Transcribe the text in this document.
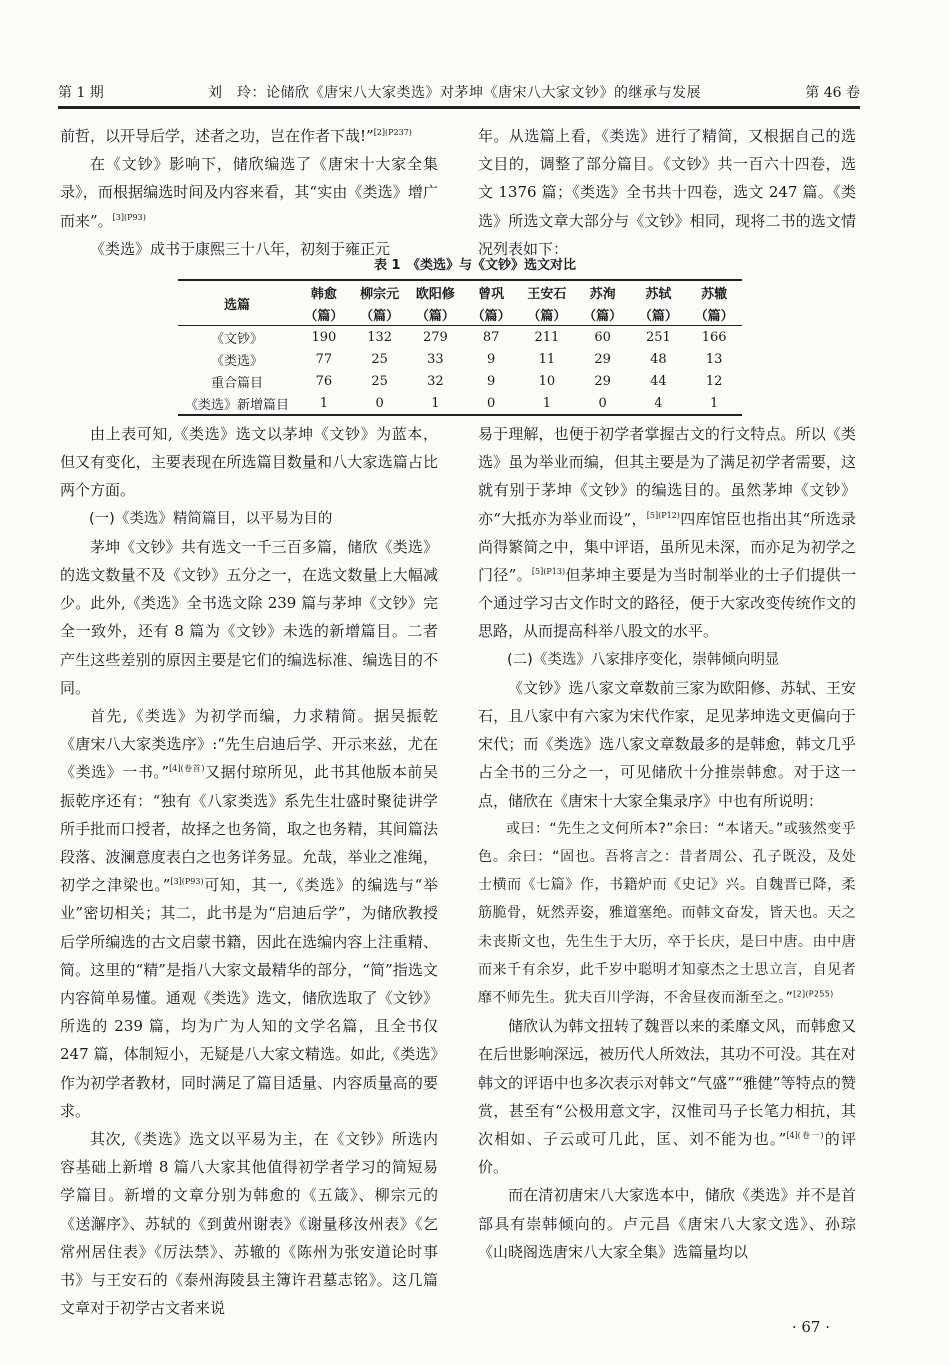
第 1 期	刘　玲：论储欣《唐宋八大家类选》对茅坤《唐宋八大家文钞》的继承与发展	第 46 卷

前哲，以开导后学，述者之功，岂在作者下哉!”$^{[2](P237)}$

在《文钞》影响下，储欣编选了《唐宋十大家全集录》，而根据编选时间及内容来看，其“实由《类选》增广而来”。$^{[3](P93)}$

《类选》成书于康熙三十八年，初刻于雍正元

年。从选篇上看，《类选》进行了精简，又根据自己的选文目的，调整了部分篇目。《文钞》共一百六十四卷，选文 1376 篇；《类选》全书共十四卷，选文 247 篇。《类选》所选文章大部分与《文钞》相同，现将二书的选文情况列表如下：

表 1　《类选》与《文钞》选文对比
选篇	韩愈	柳宗元	欧阳修	曾巩	王安石	苏洵	苏轼	苏辙
	（篇）	（篇）	（篇）	（篇）	（篇）	（篇）	（篇）	（篇）
《文钞》	190	132	279	87	211	60	251	166
《类选》	77	25	33	9	11	29	48	13
重合篇目	76	25	32	9	10	29	44	12
《类选》新增篇目	1	0	1	0	1	0	4	1

由上表可知,《类选》选文以茅坤《文钞》为蓝本，但又有变化，主要表现在所选篇目数量和八大家选篇占比两个方面。

(一)《类选》精简篇目，以平易为目的

茅坤《文钞》共有选文一千三百多篇，储欣《类选》的选文数量不及《文钞》五分之一，在选文数量上大幅减少。此外,《类选》全书选文除 239 篇与茅坤《文钞》完全一致外，还有 8 篇为《文钞》未选的新增篇目。二者产生这些差别的原因主要是它们的编选标准、编选目的不同。

首先,《类选》为初学而编，力求精简。据吴振乾《唐宋八大家类选序》:“先生启迪后学、开示来兹，尤在《类选》一书。”$^{[4](卷首)}$又据付琼所见，此书其他版本前吴振乾序还有：“独有《八家类选》系先生壮盛时聚徒讲学所手批而口授者，故择之也务简，取之也务精，其间篇法段落、波澜意度表白之也务详务显。允哉，举业之准绳，初学之津梁也。”$^{[3](P93)}$可知，其一,《类选》的编选与“举业”密切相关；其二，此书是为“启迪后学”，为储欣教授后学所编选的古文启蒙书籍，因此在选编内容上注重精、简。这里的“精”是指八大家文最精华的部分，“简”指选文内容简单易懂。通观《类选》选文，储欣选取了《文钞》所选的 239 篇，均为广为人知的文学名篇，且全书仅 247 篇，体制短小，无疑是八大家文精选。如此,《类选》作为初学者教材，同时满足了篇目适量、内容质量高的要求。

其次,《类选》选文以平易为主，在《文钞》所选内容基础上新增 8 篇八大家其他值得初学者学习的简短易学篇目。新增的文章分别为韩愈的《五箴》、柳宗元的《送澥序》、苏轼的《到黄州谢表》《谢量移汝州表》《乞常州居住表》《厉法禁》、苏辙的《陈州为张安道论时事书》与王安石的《泰州海陵县主簿许君墓志铭》。这几篇文章对于初学古文者来说

易于理解，也便于初学者掌握古文的行文特点。所以《类选》虽为举业而编，但其主要是为了满足初学者需要，这就有别于茅坤《文钞》的编选目的。虽然茅坤《文钞》亦“大抵亦为举业而设”，$^{[5](P12)}$四库馆臣也指出其“所选录尚得繁简之中，集中评语，虽所见未深，而亦足为初学之门径”。$^{[5](P13)}$但茅坤主要是为当时制举业的士子们提供一个通过学习古文作时文的路径，便于大家改变传统作文的思路，从而提高科举八股文的水平。

(二)《类选》八家排序变化，崇韩倾向明显

《文钞》选八家文章数前三家为欧阳修、苏轼、王安石，且八家中有六家为宋代作家，足见茅坤选文更偏向于宋代；而《类选》选八家文章数最多的是韩愈，韩文几乎占全书的三分之一，可见储欣十分推崇韩愈。对于这一点，储欣在《唐宋十大家全集录序》中也有所说明：

或曰：“先生之文何所本?”余曰：“本诸天。”或骇然变乎色。余曰：“固也。吾将言之：昔者周公、孔子既没，及处士横而《七篇》作，书籍炉而《史记》兴。自魏晋已降，柔筋脆骨，妩然弄姿，雅道塞绝。而韩文奋发，皆天也。天之未丧斯文也，先生生于大历，卒于长庆，是曰中唐。由中唐而来千有余岁，此千岁中聪明才知豪杰之士思立言，自见者靡不师先生。犹夫百川学海，不舍昼夜而渐至之。”$^{[2](P255)}$

储欣认为韩文扭转了魏晋以来的柔靡文风，而韩愈又在后世影响深远，被历代人所效法，其功不可没。其在对韩文的评语中也多次表示对韩文“气盛”“雅健”等特点的赞赏，甚至有“公极用意文字，汉惟司马子长笔力相抗，其次相如、子云或可几此，匡、刘不能为也。”$^{[4](卷一)}$的评价。

而在清初唐宋八大家选本中，储欣《类选》并不是首部具有崇韩倾向的。卢元昌《唐宋八大家文选》、孙琮《山晓阁选唐宋八大家全集》选篇量均以

· 67 ·
